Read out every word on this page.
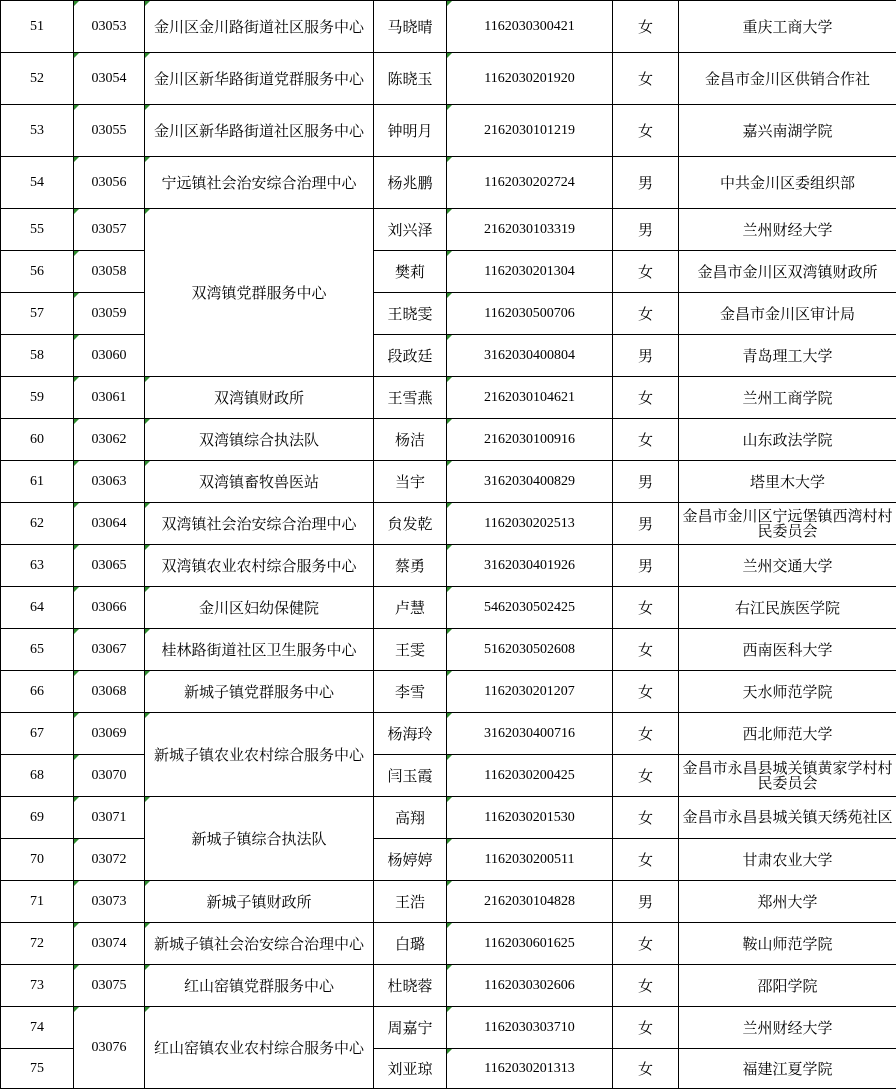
51	03053	金川区金川路街道社区服务中心	马晓晴	1162030300421	女	重庆工商大学
52	03054	金川区新华路街道党群服务中心	陈晓玉	1162030201920	女	金昌市金川区供销合作社
53	03055	金川区新华路街道社区服务中心	钟明月	2162030101219	女	嘉兴南湖学院
54	03056	宁远镇社会治安综合治理中心	杨兆鹏	1162030202724	男	中共金川区委组织部
55	03057	双湾镇党群服务中心	刘兴泽	2162030103319	男	兰州财经大学
56	03058		樊莉	1162030201304	女	金昌市金川区双湾镇财政所
57	03059		王晓雯	1162030500706	女	金昌市金川区审计局
58	03060		段政廷	3162030400804	男	青岛理工大学
59	03061	双湾镇财政所	王雪燕	2162030104621	女	兰州工商学院
60	03062	双湾镇综合执法队	杨洁	2162030100916	女	山东政法学院
61	03063	双湾镇畜牧兽医站	当宇	3162030400829	男	塔里木大学
62	03064	双湾镇社会治安综合治理中心	贠发乾	1162030202513	男	金昌市金川区宁远堡镇西湾村村民委员会
63	03065	双湾镇农业农村综合服务中心	蔡勇	3162030401926	男	兰州交通大学
64	03066	金川区妇幼保健院	卢慧	5462030502425	女	右江民族医学院
65	03067	桂林路街道社区卫生服务中心	王雯	5162030502608	女	西南医科大学
66	03068	新城子镇党群服务中心	李雪	1162030201207	女	天水师范学院
67	03069	新城子镇农业农村综合服务中心	杨海玲	3162030400716	女	西北师范大学
68	03070		闫玉霞	1162030200425	女	金昌市永昌县城关镇黄家学村村民委员会
69	03071	新城子镇综合执法队	高翔	1162030201530	女	金昌市永昌县城关镇天绣苑社区
70	03072		杨婷婷	1162030200511	女	甘肃农业大学
71	03073	新城子镇财政所	王浩	2162030104828	男	郑州大学
72	03074	新城子镇社会治安综合治理中心	白璐	1162030601625	女	鞍山师范学院
73	03075	红山窑镇党群服务中心	杜晓蓉	1162030302606	女	邵阳学院
74	03076	红山窑镇农业农村综合服务中心	周嘉宁	1162030303710	女	兰州财经大学
75			刘亚琼	1162030201313	女	福建江夏学院
